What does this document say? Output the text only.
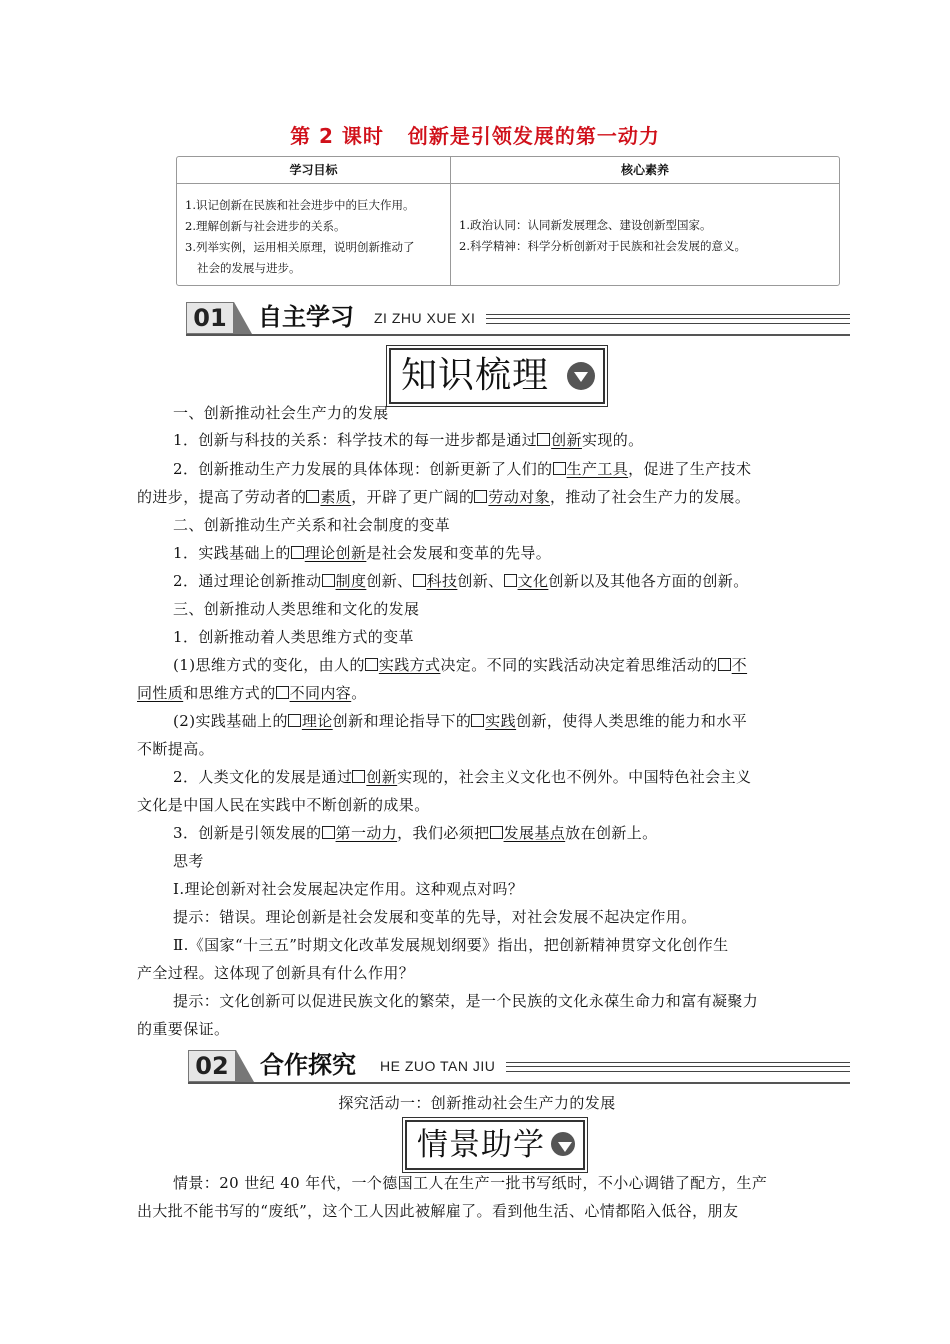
第 2 课时 创新是引领发展的第一动力
学习目标	核心素养
1.识记创新在民族和社会进步中的巨大作用。
2.理解创新与社会进步的关系。
3.列举实例，运用相关原理，说明创新推动了
社会的发展与进步。
1.政治认同：认同新发展理念、建设创新型国家。
2.科学精神：科学分析创新对于民族和社会发展的意义。
01	自主学习 ZI ZHU XUE XI
知识梳理
一、创新推动社会生产力的发展
1．创新与科技的关系：科学技术的每一进步都是通过 创新实现的。
2．创新推动生产力发展的具体体现：创新更新了人们的 生产工具，促进了生产技术
的进步，提高了劳动者的 素质，开辟了更广阔的 劳动对象，推动了社会生产力的发展。
二、创新推动生产关系和社会制度的变革
1．实践基础上的 理论创新是社会发展和变革的先导。
2．通过理论创新推动 制度创新、 科技创新、 文化创新以及其他各方面的创新。
三、创新推动人类思维和文化的发展
1．创新推动着人类思维方式的变革
(1)思维方式的变化，由人的 实践方式决定。不同的实践活动决定着思维活动的 不
同性质和思维方式的 不同内容。
(2)实践基础上的 理论创新和理论指导下的 实践创新，使得人类思维的能力和水平
不断提高。
2．人类文化的发展是通过 创新实现的，社会主义文化也不例外。中国特色社会主义
文化是中国人民在实践中不断创新的成果。
3．创新是引领发展的 第一动力，我们必须把 发展基点放在创新上。
思考
Ⅰ.理论创新对社会发展起决定作用。这种观点对吗？
提示：错误。理论创新是社会发展和变革的先导，对社会发展不起决定作用。
Ⅱ.《国家“十三五”时期文化改革发展规划纲要》指出，把创新精神贯穿文化创作生
产全过程。这体现了创新具有什么作用？
提示：文化创新可以促进民族文化的繁荣，是一个民族的文化永葆生命力和富有凝聚力
的重要保证。
02	合作探究 HE ZUO TAN JIU
探究活动一：创新推动社会生产力的发展
情景助学
情景：20 世纪 40 年代，一个德国工人在生产一批书写纸时，不小心调错了配方，生产
出大批不能书写的“废纸”，这个工人因此被解雇了。看到他生活、心情都陷入低谷，朋友
